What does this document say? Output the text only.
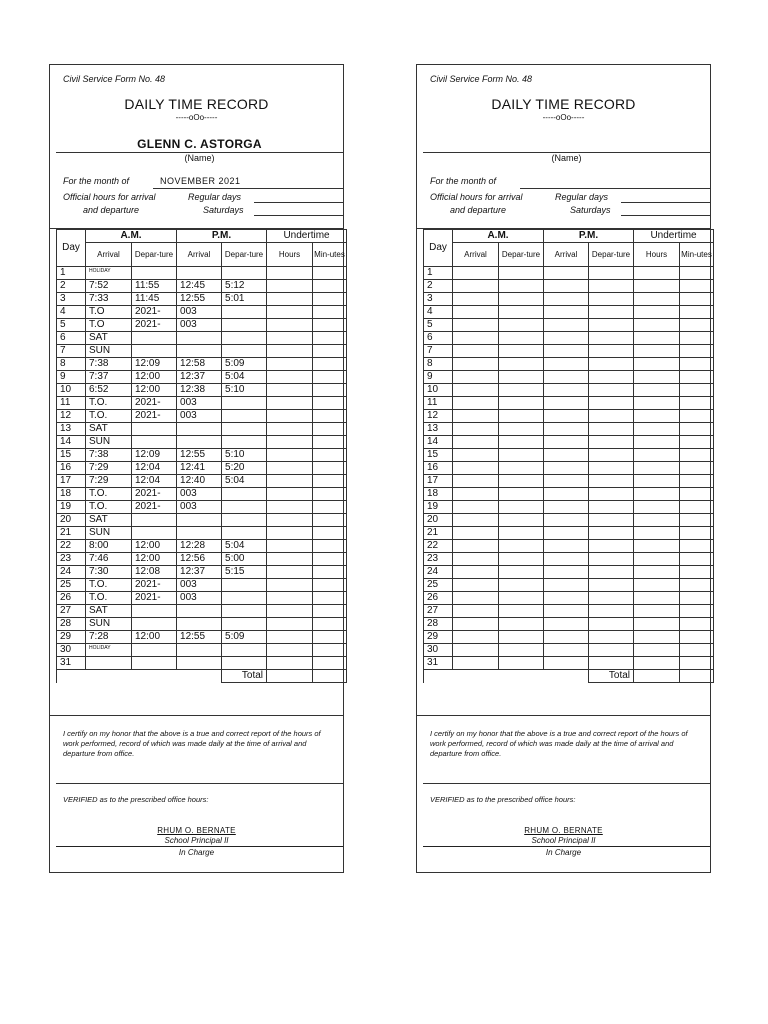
Civil Service Form No. 48
DAILY TIME RECORD
-----oOo-----
GLENN C. ASTORGA
(Name)
For the month of	NOVEMBER 2021
Official hours for arrival
and departure
Regular days
Saturdays
Day	A.M.		P.M.		Undertime	
	Arrival	Depar-ture	Arrival	Depar-ture	Hours	Min-utes
1	HOLIDAY					
2	7:52	11:55	12:45	5:12		
3	7:33	11:45	12:55	5:01		
4	T.O	2021-	003			
5	T.O	2021-	003			
6	SAT					
7	SUN					
8	7:38	12:09	12:58	5:09		
9	7:37	12:00	12:37	5:04		
10	6:52	12:00	12:38	5:10		
11	T.O.	2021-	003			
12	T.O.	2021-	003			
13	SAT					
14	SUN					
15	7:38	12:09	12:55	5:10		
16	7:29	12:04	12:41	5:20		
17	7:29	12:04	12:40	5:04		
18	T.O.	2021-	003			
19	T.O.	2021-	003			
20	SAT					
21	SUN					
22	8:00	12:00	12:28	5:04		
23	7:46	12:00	12:56	5:00		
24	7:30	12:08	12:37	5:15		
25	T.O.	2021-	003			
26	T.O.	2021-	003			
27	SAT					
28	SUN					
29	7:28	12:00	12:55	5:09		
30	HOLIDAY					
31						
				Total		
I certify on my honor that the above is a true and correct report of the hours of work performed, record of which was made daily at the time of arrival and departure from office.
VERIFIED as to the prescribed office hours:
RHUM O. BERNATE
School Principal II
In Charge
Civil Service Form No. 48
DAILY TIME RECORD
-----oOo-----
(Name)
For the month of
Official hours for arrival
and departure
Regular days
Saturdays
Day	A.M.		P.M.		Undertime	
	Arrival	Depar-ture	Arrival	Depar-ture	Hours	Min-utes
1						
2						
3						
4						
5						
6						
7						
8						
9						
10						
11						
12						
13						
14						
15						
16						
17						
18						
19						
20						
21						
22						
23						
24						
25						
26						
27						
28						
29						
30						
31						
				Total		
I certify on my honor that the above is a true and correct report of the hours of work performed, record of which was made daily at the time of arrival and departure from office.
VERIFIED as to the prescribed office hours:
RHUM O. BERNATE
School Principal II
In Charge
